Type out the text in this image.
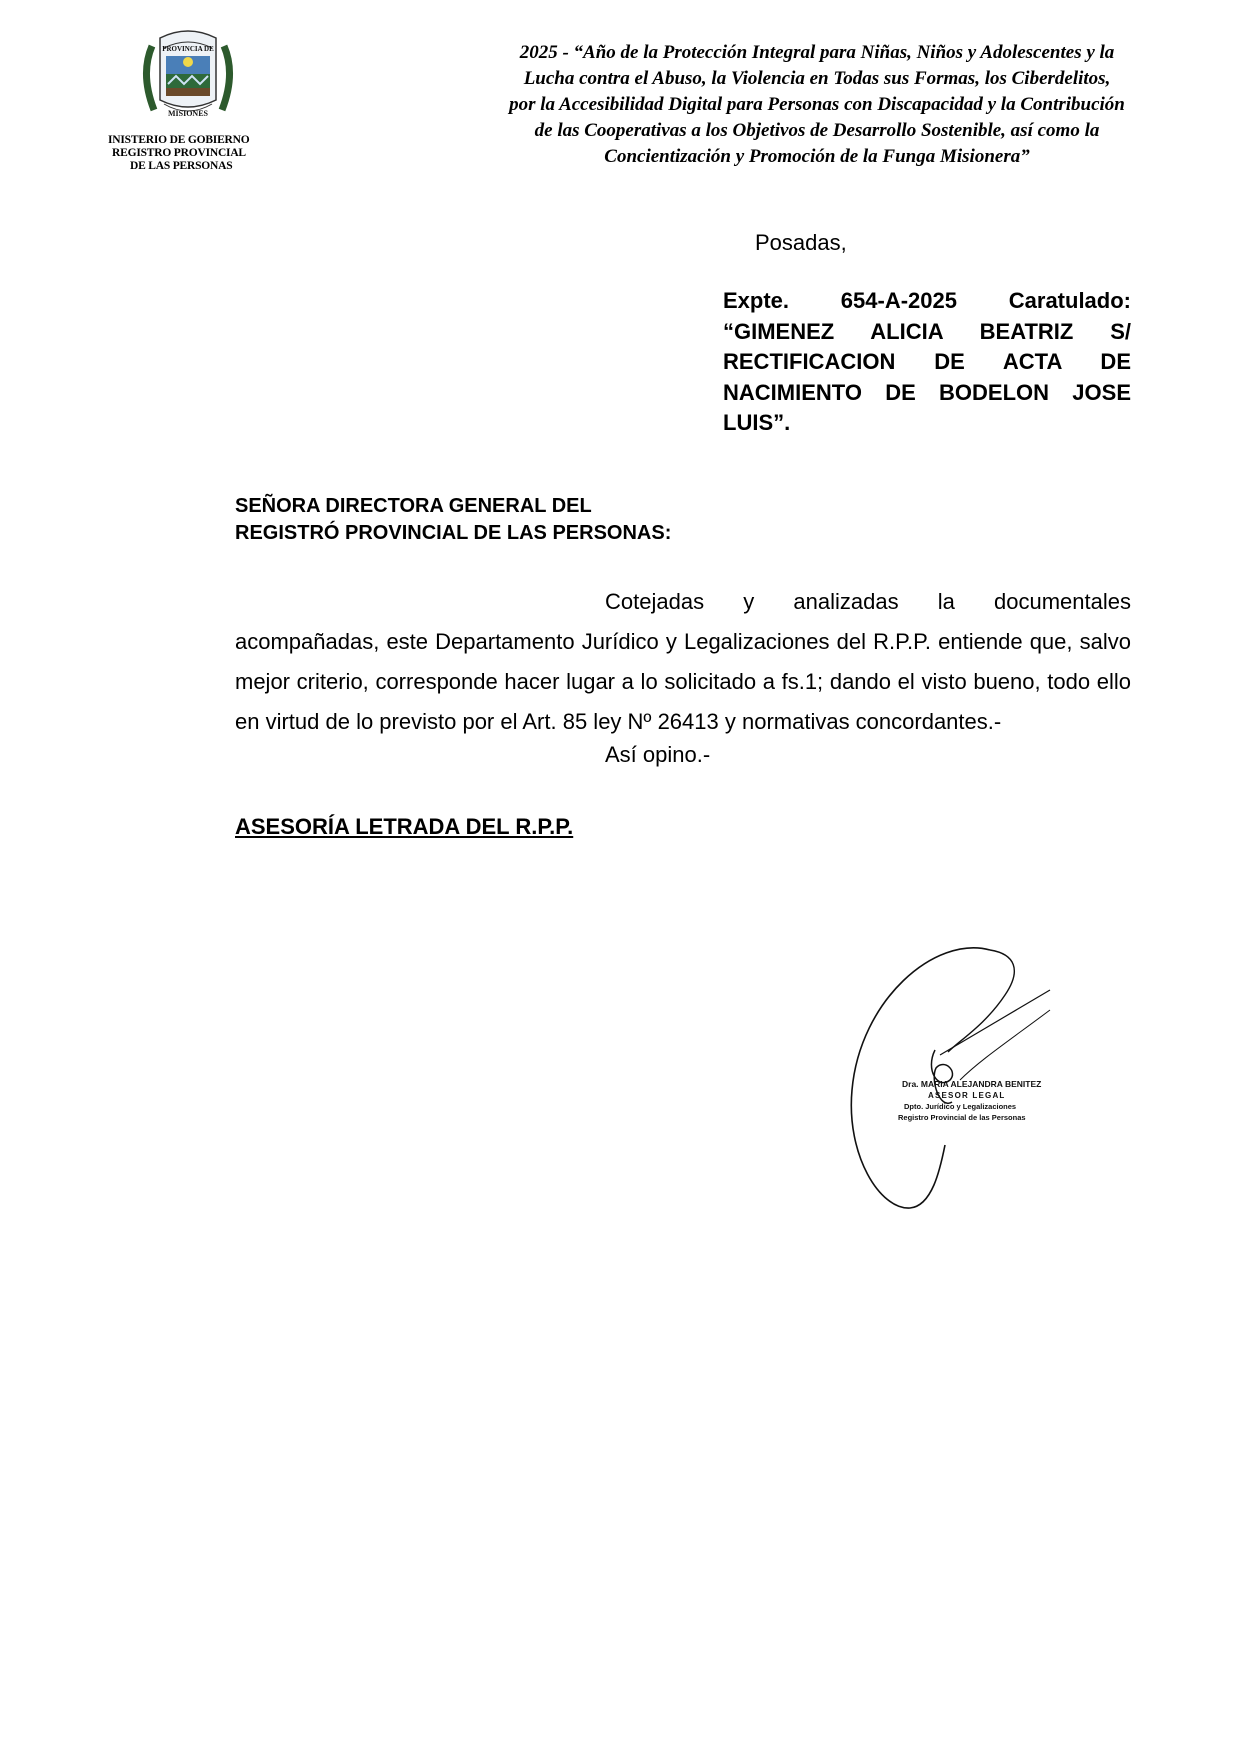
PROVINCIA DE
MISIONES
INISTERIO DE GOBIERNO
REGISTRO PROVINCIAL
DE LAS PERSONAS
2025 - “Año de la Protección Integral para Niñas, Niños y Adolescentes y la
Lucha contra el Abuso, la Violencia en Todas sus Formas, los Ciberdelitos,
por la Accesibilidad Digital para Personas con Discapacidad y la Contribución
de las Cooperativas a los Objetivos de Desarrollo Sostenible, así como la
Concientización y Promoción de la Funga Misionera”
Posadas,
Expte. 654-A-2025 Caratulado: “GIMENEZ ALICIA BEATRIZ S/ RECTIFICACION DE ACTA DE NACIMIENTO DE BODELON JOSE LUIS”.
SEÑORA DIRECTORA GENERAL DEL
REGISTRÓ PROVINCIAL DE LAS PERSONAS:
Cotejadas y analizadas la documentales acompañadas, este Departamento Jurídico y Legalizaciones del R.P.P. entiende que, salvo mejor criterio, corresponde hacer lugar a lo solicitado a fs.1; dando el visto bueno, todo ello en virtud de lo previsto por el Art. 85 ley Nº 26413 y normativas concordantes.-
Así opino.-
ASESORÍA LETRADA DEL R.P.P.
Dra. MARIA ALEJANDRA BENITEZ
ASESOR LEGAL
Dpto. Jurídico y Legalizaciones
Registro Provincial de las Personas
